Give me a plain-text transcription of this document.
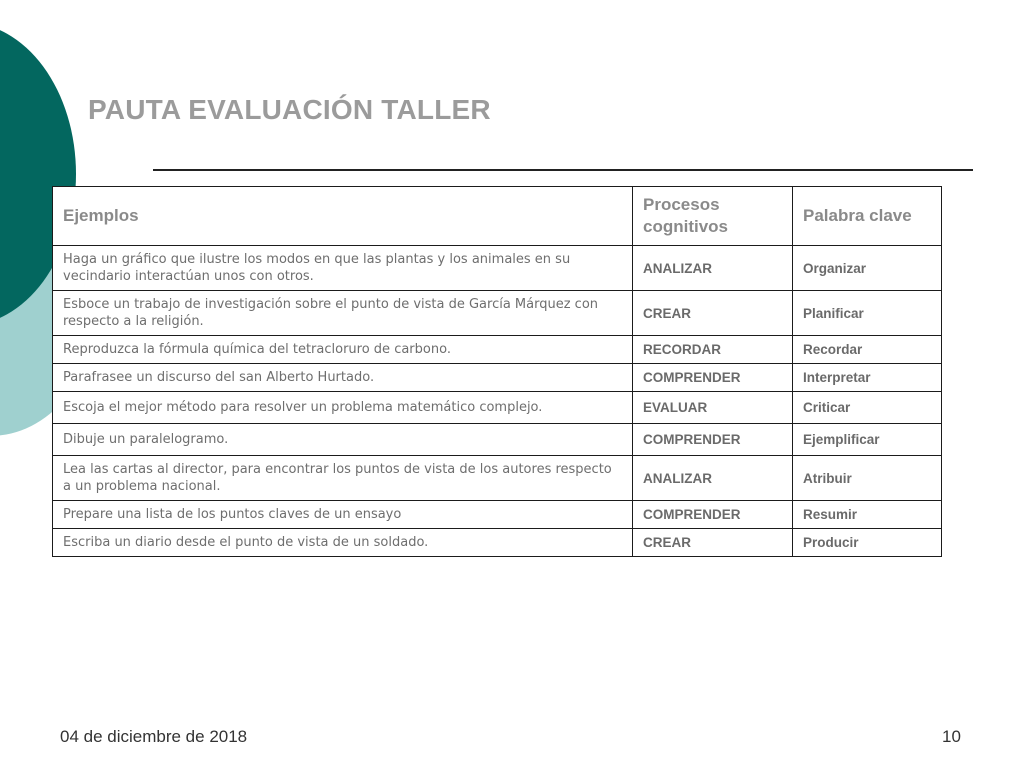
PAUTA EVALUACIÓN TALLER
Ejemplos	Procesos cognitivos	Palabra clave
Haga un gráfico que ilustre los modos en que las plantas y los animales en su vecindario interactúan unos con otros.	ANALIZAR	Organizar
Esboce un trabajo de investigación sobre el punto de vista de García Márquez con respecto a la religión.	CREAR	Planificar
Reproduzca la fórmula química del tetracloruro de carbono.	RECORDAR	Recordar
Parafrasee un discurso del san Alberto Hurtado.	COMPRENDER	Interpretar
Escoja el mejor método para resolver un problema matemático complejo.	EVALUAR	Criticar
Dibuje un paralelogramo.	COMPRENDER	Ejemplificar
Lea las cartas al director, para encontrar los puntos de vista de los autores respecto a un problema nacional.	ANALIZAR	Atribuir
Prepare una lista de los puntos claves de un ensayo	COMPRENDER	Resumir
Escriba un diario desde el punto de vista de un soldado.	CREAR	Producir
04 de diciembre de 2018	10
